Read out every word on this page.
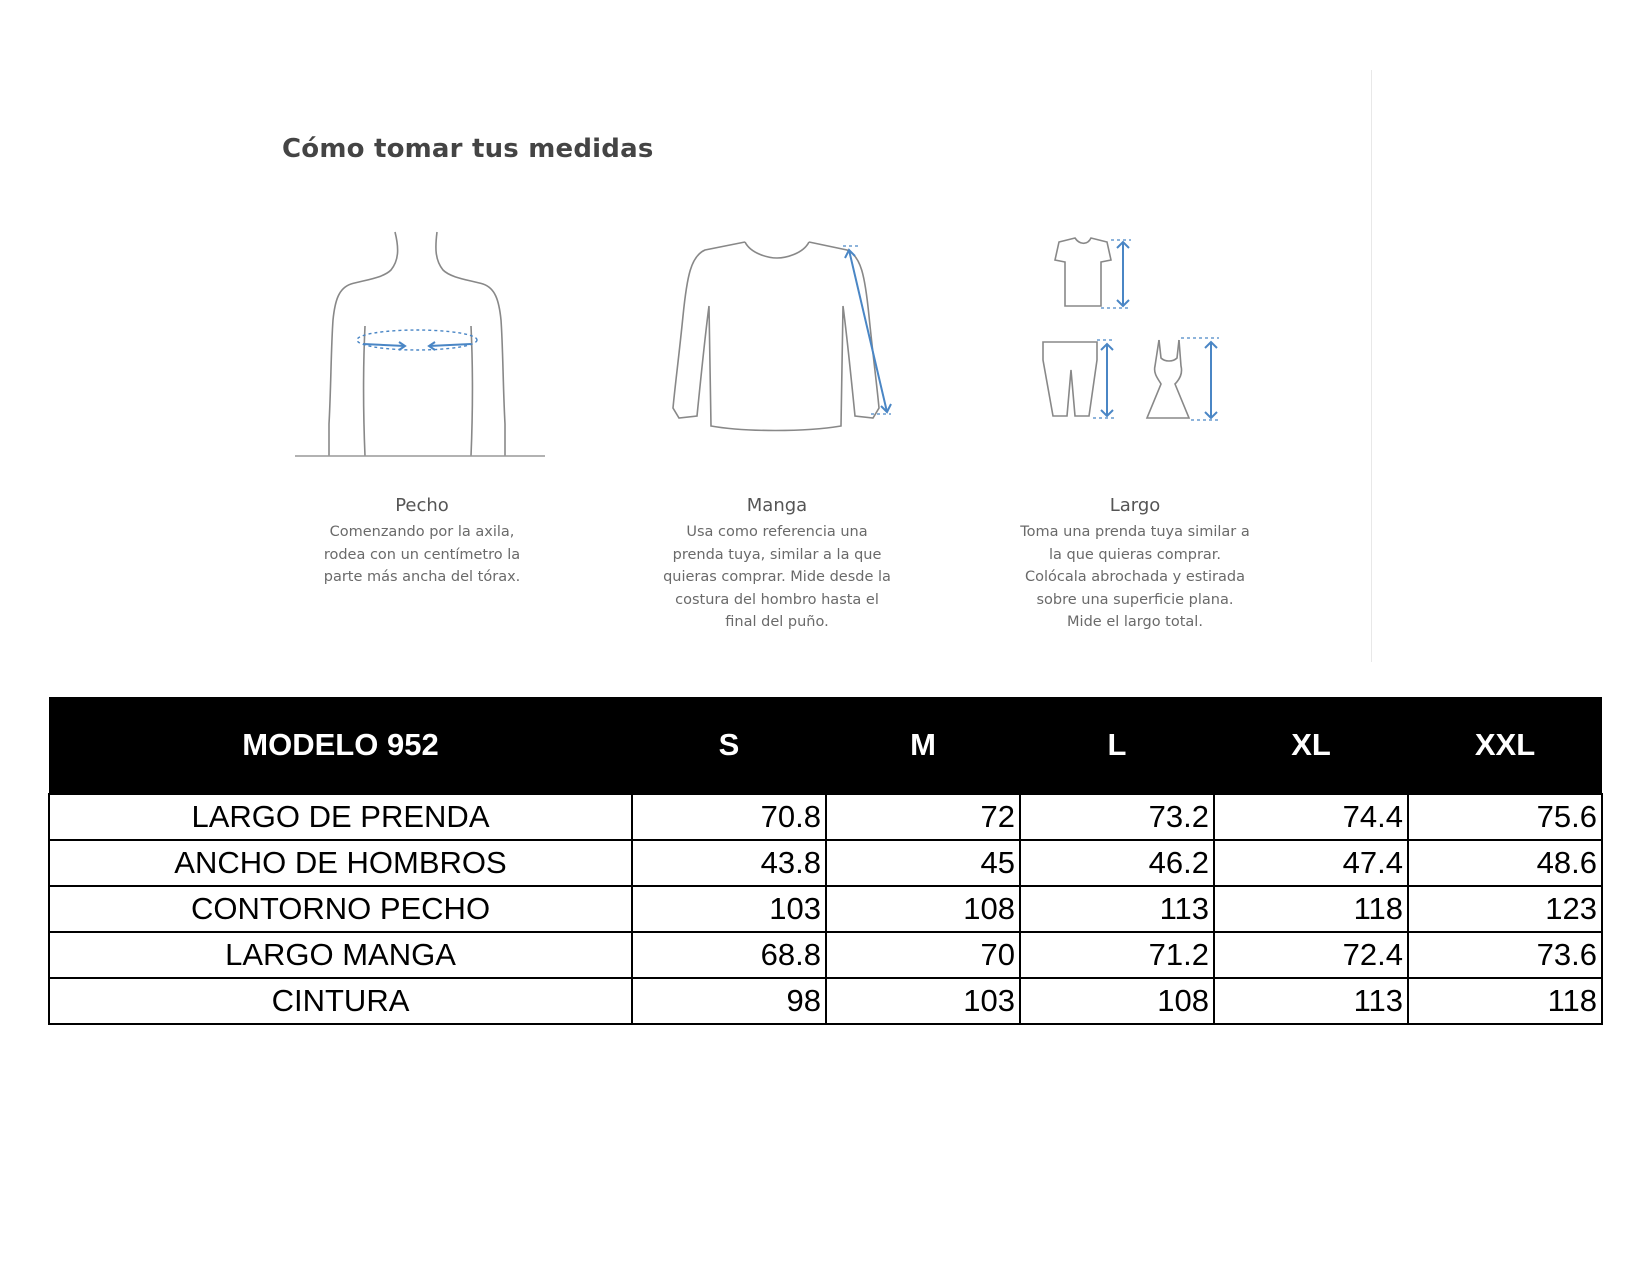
Cómo tomar tus medidas
Pecho
Comenzando por la axila,
rodea con un centímetro la
parte más ancha del tórax.
Manga
Usa como referencia una
prenda tuya, similar a la que
quieras comprar. Mide desde la
costura del hombro hasta el
final del puño.
Largo
Toma una prenda tuya similar a
la que quieras comprar.
Colócala abrochada y estirada
sobre una superficie plana.
Mide el largo total.
MODELO 952	S	M	L	XL	XXL
LARGO DE PRENDA	70.8	72	73.2	74.4	75.6
ANCHO DE HOMBROS	43.8	45	46.2	47.4	48.6
CONTORNO PECHO	103	108	113	118	123
LARGO MANGA	68.8	70	71.2	72.4	73.6
CINTURA	98	103	108	113	118
